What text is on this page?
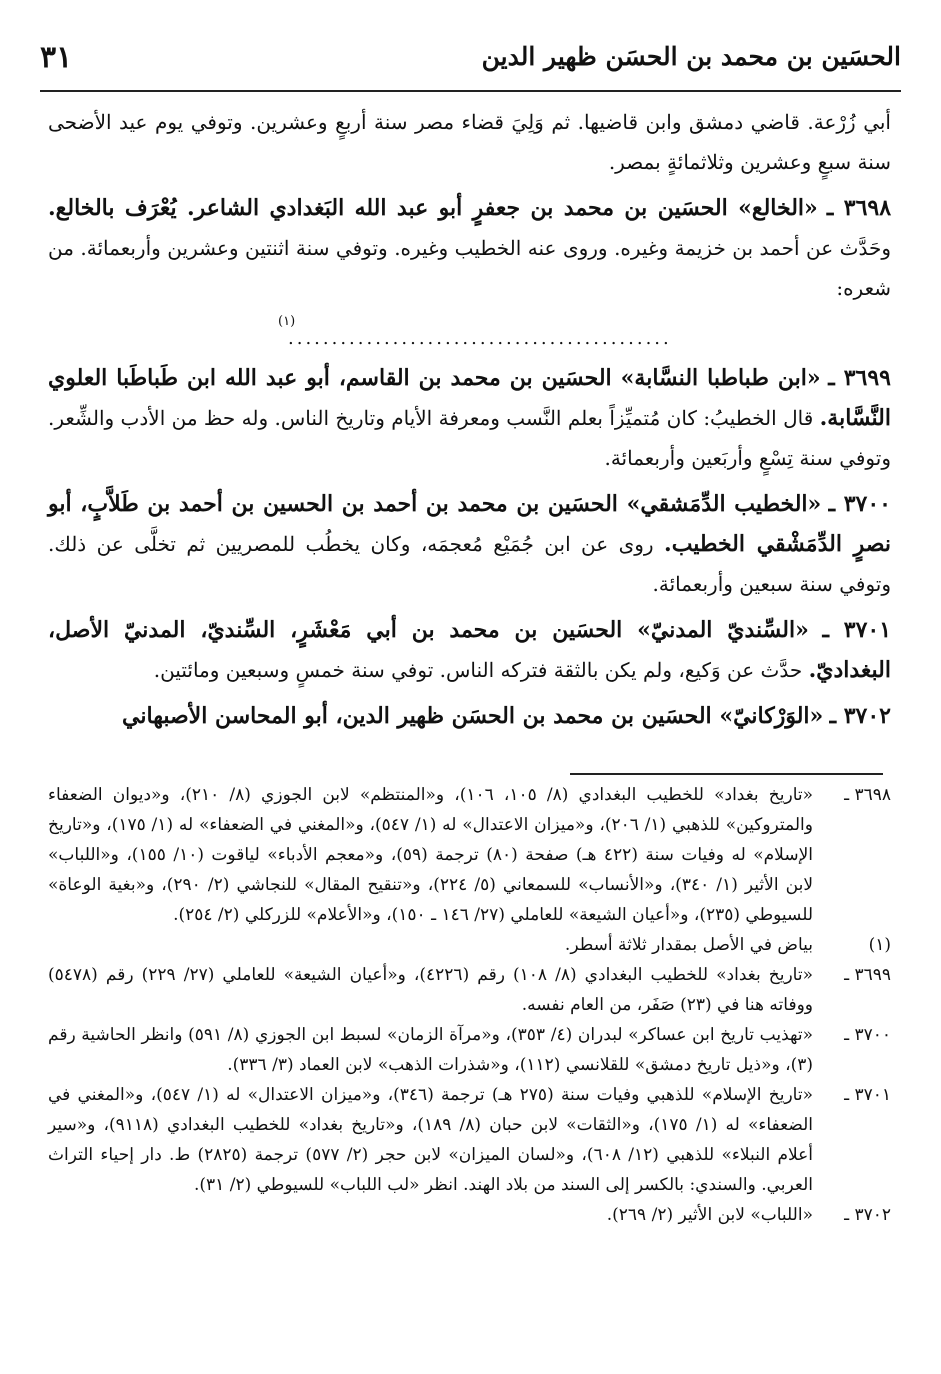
الحسَين بن محمد بن الحسَن ظهير الدين
٣١

أبي زُرْعة. قاضي دمشق وابن قاضيها. ثم وَلِيَ قضاء مصر سنة أربعٍ وعشرين. وتوفي يوم عيد الأضحى سنة سبعٍ وعشرين وثلاثمائةٍ بمصر.

٣٦٩٨ ـ «الخالع» الحسَين بن محمد بن جعفرٍ أبو عبد الله البَغدادي الشاعر. يُعْرَف بالخالع. وحَدَّث عن أحمد بن خزيمة وغيره. وروى عنه الخطيب وغيره. وتوفي سنة اثنتين وعشرين وأربعمائة. من شعره:

(١)
............................................

٣٦٩٩ ـ «ابن طباطبا النسَّابة» الحسَين بن محمد بن القاسم، أبو عبد الله ابن طَباطَبا العلوي النَّسَّابة. قال الخطيبُ: كان مُتميِّزاً بعلم النَّسب ومعرفة الأيام وتاريخ الناس. وله حظ من الأدب والشِّعر. وتوفي سنة تِسْعٍ وأربَعين وأربعمائة.

٣٧٠٠ ـ «الخطيب الدِّمَشقي» الحسَين بن محمد بن أحمد بن الحسين بن أحمد بن طَلاَّبٍ، أبو نصرٍ الدِّمَشْقي الخطيب. روى عن ابن جُمَيْع مُعجمَه، وكان يخطُب للمصريين ثم تخلَّى عن ذلك. وتوفي سنة سبعين وأربعمائة.

٣٧٠١ ـ «السِّنديّ المدنيّ» الحسَين بن محمد بن أبي مَعْشَرٍ، السِّنديّ، المدنيّ الأصل، البغداديّ. حدَّث عن وَكيع، ولم يكن بالثقة فتركه الناس. توفي سنة خمسٍ وسبعين ومائتين.

٣٧٠٢ ـ «الوَرْكانيّ» الحسَين بن محمد بن الحسَن ظهير الدين، أبو المحاسن الأصبهاني

٣٦٩٨ ـ
«تاريخ بغداد» للخطيب البغدادي (٨/ ١٠٥، ١٠٦)، و«المنتظم» لابن الجوزي (٨/ ٢١٠)، و«ديوان الضعفاء والمتروكين» للذهبي (١/ ٢٠٦)، و«ميزان الاعتدال» له (١/ ٥٤٧)، و«المغني في الضعفاء» له (١/ ١٧٥)، و«تاريخ الإسلام» له وفيات سنة (٤٢٢ هـ) صفحة (٨٠) ترجمة (٥٩)، و«معجم الأدباء» لياقوت (١٠/ ١٥٥)، و«اللباب» لابن الأثير (١/ ٣٤٠)، و«الأنساب» للسمعاني (٥/ ٢٢٤)، و«تنقيح المقال» للنجاشي (٢/ ٢٩٠)، و«بغية الوعاة» للسيوطي (٢٣٥)، و«أعيان الشيعة» للعاملي (٢٧/ ١٤٦ ـ ١٥٠)، و«الأعلام» للزركلي (٢/ ٢٥٤).
(١)
بياض في الأصل بمقدار ثلاثة أسطر.
٣٦٩٩ ـ
«تاريخ بغداد» للخطيب البغدادي (٨/ ١٠٨) رقم (٤٢٢٦)، و«أعيان الشيعة» للعاملي (٢٧/ ٢٢٩) رقم (٥٤٧٨) ووفاته هنا في (٢٣) صَفَر، من العام نفسه.
٣٧٠٠ ـ
«تهذيب تاريخ ابن عساكر» لبدران (٤/ ٣٥٣)، و«مرآة الزمان» لسبط ابن الجوزي (٨/ ٥٩١) وانظر الحاشية رقم (٣)، و«ذيل تاريخ دمشق» للقلانسي (١١٢)، و«شذرات الذهب» لابن العماد (٣/ ٣٣٦).
٣٧٠١ ـ
«تاريخ الإسلام» للذهبي وفيات سنة (٢٧٥ هـ) ترجمة (٣٤٦)، و«ميزان الاعتدال» له (١/ ٥٤٧)، و«المغني في الضعفاء» له (١/ ١٧٥)، و«الثقات» لابن حبان (٨/ ١٨٩)، و«تاريخ بغداد» للخطيب البغدادي (٩١١٨)، و«سير أعلام النبلاء» للذهبي (١٢/ ٦٠٨)، و«لسان الميزان» لابن حجر (٢/ ٥٧٧) ترجمة (٢٨٢٥) ط. دار إحياء التراث العربي. والسندي: بالكسر إلى السند من بلاد الهند. انظر «لب اللباب» للسيوطي (٢/ ٣١).
٣٧٠٢ ـ
«اللباب» لابن الأثير (٢/ ٢٦٩).
